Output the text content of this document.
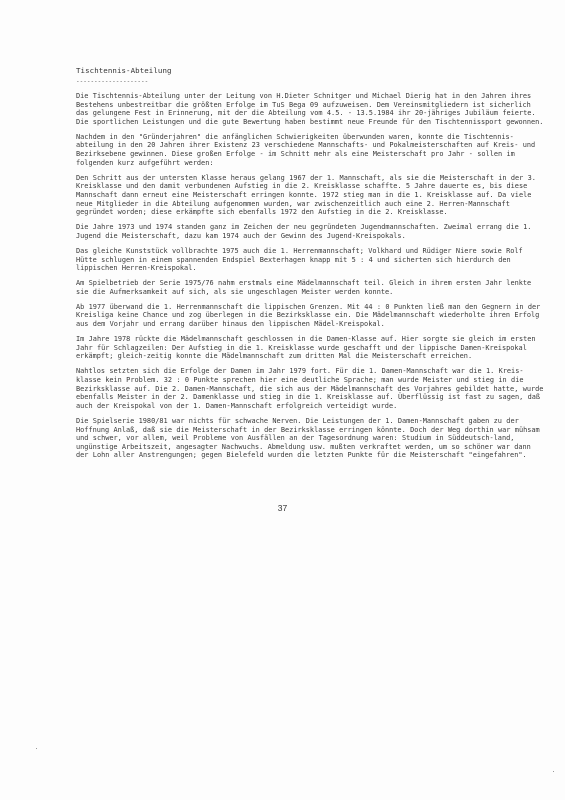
Tischtennis-Abteilung
--------------------

Die Tischtennis-Abteilung unter der Leitung von H.Dieter Schnitger und Michael Dierig hat in den Jahren ihres Bestehens unbestreitbar die größten Erfolge im TuS Bega 09 aufzuweisen. Dem Vereinsmitgliedern ist sicherlich das gelungene Fest in Erinnerung, mit der die Abteilung vom 4.5. - 13.5.1984 ihr 20-jähriges Jubiläum feierte. Die sportlichen Leistungen und die gute Bewertung haben bestimmt neue Freunde für den Tischtennissport gewonnen.

Nachdem in den "Gründerjahren" die anfänglichen Schwierigkeiten überwunden waren, konnte die Tischtennis-abteilung in den 20 Jahren ihrer Existenz 23 verschiedene Mannschafts- und Pokalmeisterschaften auf Kreis- und Bezirksebene gewinnen. Diese großen Erfolge - im Schnitt mehr als eine Meisterschaft pro Jahr - sollen im folgenden kurz aufgeführt werden:

Den Schritt aus der untersten Klasse heraus gelang 1967 der 1. Mannschaft, als sie die Meisterschaft in der 3. Kreisklasse und den damit verbundenen Aufstieg in die 2. Kreisklasse schaffte. 5 Jahre dauerte es, bis diese Mannschaft dann erneut eine Meisterschaft erringen konnte. 1972 stieg man in die 1. Kreisklasse auf. Da viele neue Mitglieder in die Abteilung aufgenommen wurden, war zwischenzeitlich auch eine 2. Herren-Mannschaft gegründet worden; diese erkämpfte sich ebenfalls 1972 den Aufstieg in die 2. Kreisklasse.

Die Jahre 1973 und 1974 standen ganz im Zeichen der neu gegründeten Jugendmannschaften. Zweimal errang die 1. Jugend die Meisterschaft, dazu kam 1974 auch der Gewinn des Jugend-Kreispokals.

Das gleiche Kunststück vollbrachte 1975 auch die 1. Herrenmannschaft; Volkhard und Rüdiger Niere sowie Rolf Hütte schlugen in einem spannenden Endspiel Bexterhagen knapp mit 5 : 4 und sicherten sich hierdurch den lippischen Herren-Kreispokal.

Am Spielbetrieb der Serie 1975/76 nahm erstmals eine Mädelmannschaft teil. Gleich in ihrem ersten Jahr lenkte sie die Aufmerksamkeit auf sich, als sie ungeschlagen Meister werden konnte.

Ab 1977 überwand die 1. Herrenmannschaft die lippischen Grenzen. Mit 44 : 0 Punkten ließ man den Gegnern in der Kreisliga keine Chance und zog überlegen in die Bezirksklasse ein. Die Mädelmannschaft wiederholte ihren Erfolg aus dem Vorjahr und errang darüber hinaus den lippischen Mädel-Kreispokal.

Im Jahre 1978 rückte die Mädelmannschaft geschlossen in die Damen-Klasse auf. Hier sorgte sie gleich im ersten Jahr für Schlagzeilen: Der Aufstieg in die 1. Kreisklasse wurde geschafft und der lippische Damen-Kreispokal erkämpft; gleich-zeitig konnte die Mädelmannschaft zum dritten Mal die Meisterschaft erreichen.

Nahtlos setzten sich die Erfolge der Damen im Jahr 1979 fort. Für die 1. Damen-Mannschaft war die 1. Kreis-klasse kein Problem. 32 : 0 Punkte sprechen hier eine deutliche Sprache; man wurde Meister und stieg in die Bezirksklasse auf. Die 2. Damen-Mannschaft, die sich aus der Mädelmannschaft des Vorjahres gebildet hatte, wurde ebenfalls Meister in der 2. Damenklasse und stieg in die 1. Kreisklasse auf. Überflüssig ist fast zu sagen, daß auch der Kreispokal von der 1. Damen-Mannschaft erfolgreich verteidigt wurde.

Die Spielserie 1980/81 war nichts für schwache Nerven. Die Leistungen der 1. Damen-Mannschaft gaben zu der Hoffnung Anlaß, daß sie die Meisterschaft in der Bezirksklasse erringen könnte. Doch der Weg dorthin war mühsam und schwer, vor allem, weil Probleme von Ausfällen an der Tagesordnung waren: Studium in Süddeutsch-land, ungünstige Arbeitszeit, angesagter Nachwuchs. Abmeldung usw. mußten verkraftet werden, um so schöner war dann der Lohn aller Anstrengungen; gegen Bielefeld wurden die letzten Punkte für die Meisterschaft "eingefahren".

37
